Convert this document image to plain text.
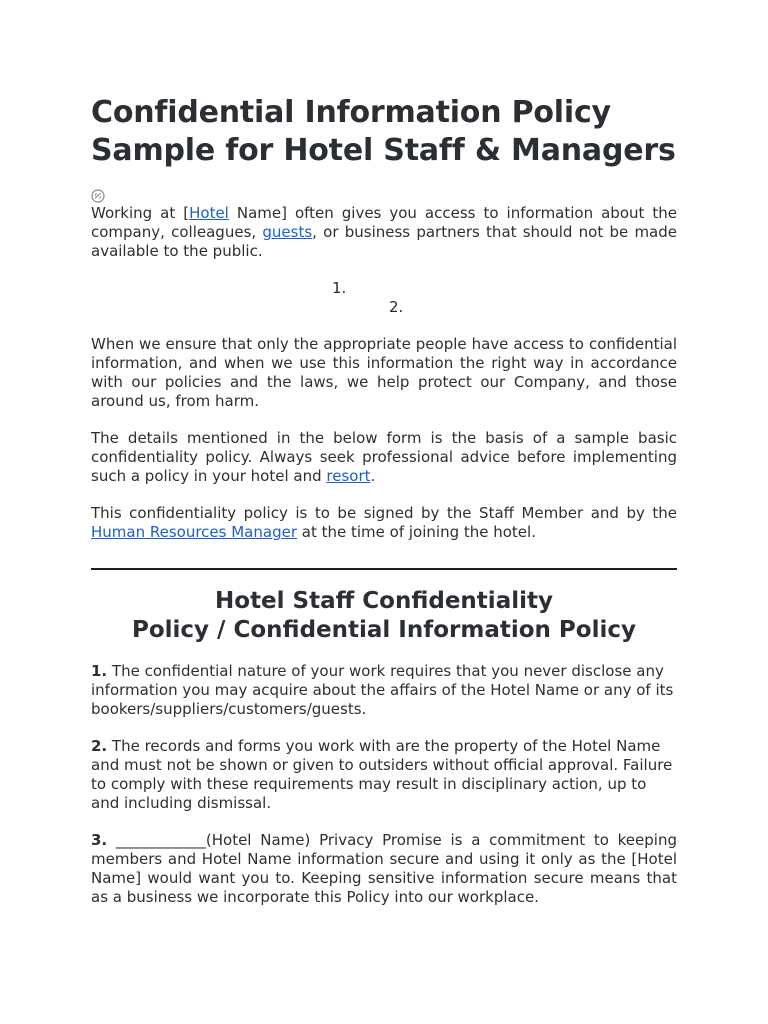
Confidential Information Policy
Sample for Hotel Staff & Managers

Working at [Hotel Name] often gives you access to information about the company, colleagues, guests, or business partners that should not be made available to the public.

1.
2.

When we ensure that only the appropriate people have access to confidential information, and when we use this information the right way in accordance with our policies and the laws, we help protect our Company, and those around us, from harm.

The details mentioned in the below form is the basis of a sample basic confidentiality policy. Always seek professional advice before implementing such a policy in your hotel and resort.

This confidentiality policy is to be signed by the Staff Member and by the Human Resources Manager at the time of joining the hotel.

Hotel Staff Confidentiality
Policy / Confidential Information Policy

1. The confidential nature of your work requires that you never disclose any information you may acquire about the affairs of the Hotel Name or any of its bookers/suppliers/customers/guests.

2. The records and forms you work with are the property of the Hotel Name and must not be shown or given to outsiders without official approval. Failure to comply with these requirements may result in disciplinary action, up to and including dismissal.

3. ____________(Hotel Name) Privacy Promise is a commitment to keeping members and Hotel Name information secure and using it only as the [Hotel Name] would want you to. Keeping sensitive information secure means that as a business we incorporate this Policy into our workplace.
